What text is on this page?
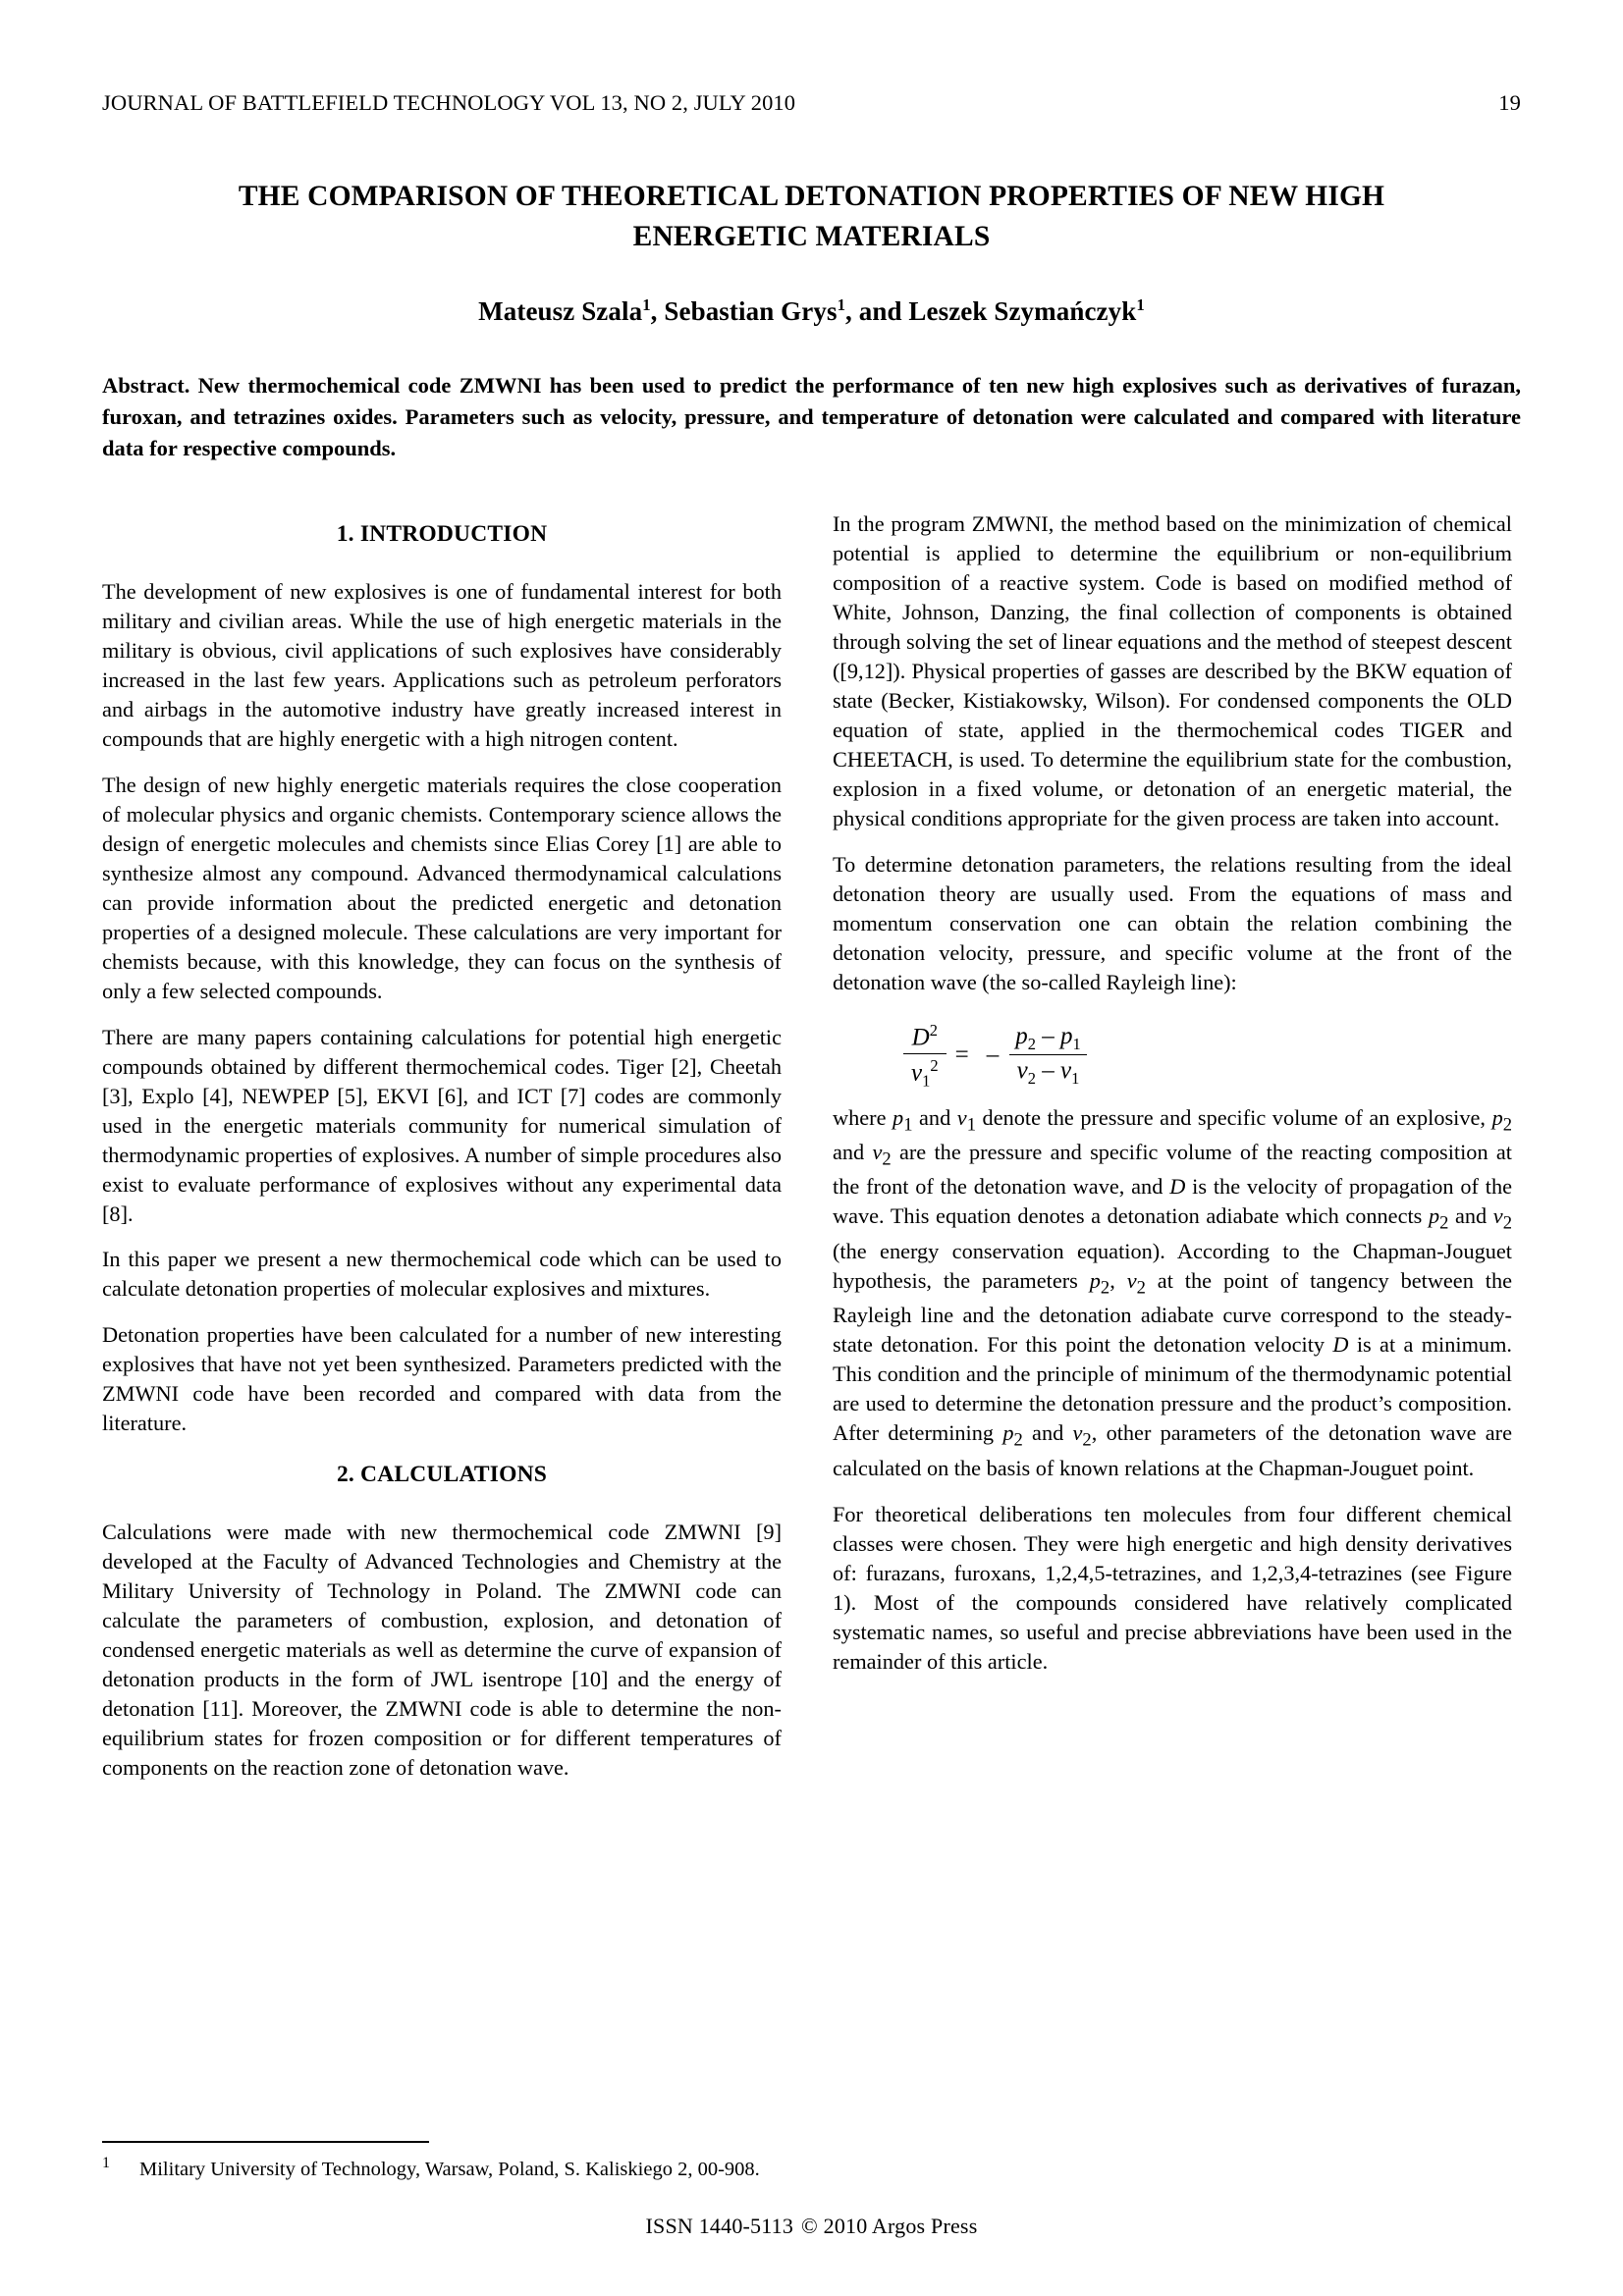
JOURNAL OF BATTLEFIELD TECHNOLOGY VOL 13, NO 2, JULY 2010	19
THE COMPARISON OF THEORETICAL DETONATION PROPERTIES OF NEW HIGH
ENERGETIC MATERIALS
Mateusz Szala$^1$, Sebastian Grys$^1$, and Leszek Szymańczyk$^1$
Abstract. New thermochemical code ZMWNI has been used to predict the performance of ten new high explosives such as derivatives of furazan, furoxan, and tetrazines oxides. Parameters such as velocity, pressure, and temperature of detonation were calculated and compared with literature data for respective compounds.
1. INTRODUCTION

The development of new explosives is one of fundamental interest for both military and civilian areas. While the use of high energetic materials in the military is obvious, civil applications of such explosives have considerably increased in the last few years. Applications such as petroleum perforators and airbags in the automotive industry have greatly increased interest in compounds that are highly energetic with a high nitrogen content.

The design of new highly energetic materials requires the close cooperation of molecular physics and organic chemists. Contemporary science allows the design of energetic molecules and chemists since Elias Corey [1] are able to synthesize almost any compound. Advanced thermodynamical calculations can provide information about the predicted energetic and detonation properties of a designed molecule. These calculations are very important for chemists because, with this knowledge, they can focus on the synthesis of only a few selected compounds.

There are many papers containing calculations for potential high energetic compounds obtained by different thermochemical codes. Tiger [2], Cheetah [3], Explo [4], NEWPEP [5], EKVI [6], and ICT [7] codes are commonly used in the energetic materials community for numerical simulation of thermodynamic properties of explosives. A number of simple procedures also exist to evaluate performance of explosives without any experimental data [8].

In this paper we present a new thermochemical code which can be used to calculate detonation properties of molecular explosives and mixtures.

Detonation properties have been calculated for a number of new interesting explosives that have not yet been synthesized. Parameters predicted with the ZMWNI code have been recorded and compared with data from the literature.

2. CALCULATIONS

Calculations were made with new thermochemical code ZMWNI [9] developed at the Faculty of Advanced Technologies and Chemistry at the Military University of Technology in Poland. The ZMWNI code can calculate the parameters of combustion, explosion, and detonation of condensed energetic materials as well as determine the curve of expansion of detonation products in the form of JWL isentrope [10] and the energy of detonation [11]. Moreover, the ZMWNI code is able to determine the non-equilibrium states for frozen composition or for different temperatures of components on the reaction zone of detonation wave.

In the program ZMWNI, the method based on the minimization of chemical potential is applied to determine the equilibrium or non-equilibrium composition of a reactive system. Code is based on modified method of White, Johnson, Danzing, the final collection of components is obtained through solving the set of linear equations and the method of steepest descent ([9,12]). Physical properties of gasses are described by the BKW equation of state (Becker, Kistiakowsky, Wilson). For condensed components the OLD equation of state, applied in the thermochemical codes TIGER and CHEETACH, is used. To determine the equilibrium state for the combustion, explosion in a fixed volume, or detonation of an energetic material, the physical conditions appropriate for the given process are taken into account.

To determine detonation parameters, the relations resulting from the ideal detonation theory are usually used. From the equations of mass and momentum conservation one can obtain the relation combining the detonation velocity, pressure, and specific volume at the front of the detonation wave (the so-called Rayleigh line):

$\frac{D^2}{v_1^2}$ = – $\frac{p_2 - p_1}{v_2 - v_1}$

where $p_1$ and $v_1$ denote the pressure and specific volume of an explosive, $p_2$ and $v_2$ are the pressure and specific volume of the reacting composition at the front of the detonation wave, and D is the velocity of propagation of the wave. This equation denotes a detonation adiabate which connects $p_2$ and $v_2$ (the energy conservation equation). According to the Chapman-Jouguet hypothesis, the parameters $p_2$, $v_2$ at the point of tangency between the Rayleigh line and the detonation adiabate curve correspond to the steady-state detonation. For this point the detonation velocity D is at a minimum. This condition and the principle of minimum of the thermodynamic potential are used to determine the detonation pressure and the product’s composition. After determining $p_2$ and $v_2$, other parameters of the detonation wave are calculated on the basis of known relations at the Chapman-Jouguet point.

For theoretical deliberations ten molecules from four different chemical classes were chosen. They were high energetic and high density derivatives of: furazans, furoxans, 1,2,4,5-tetrazines, and 1,2,3,4-tetrazines (see Figure 1). Most of the compounds considered have relatively complicated systematic names, so useful and precise abbreviations have been used in the remainder of this article.

$^1$ Military University of Technology, Warsaw, Poland, S. Kaliskiego 2, 00-908.
ISSN 1440-5113 © 2010 Argos Press
